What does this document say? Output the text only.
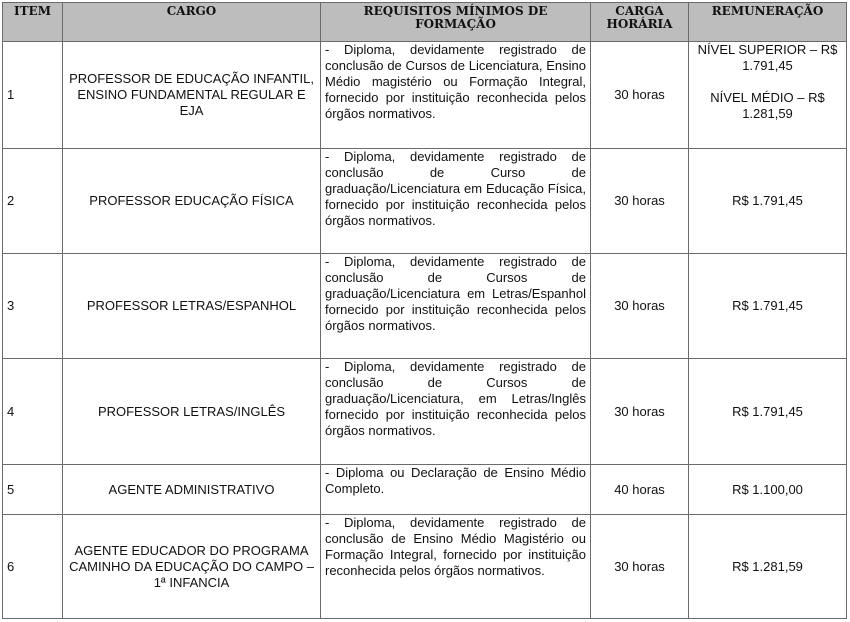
ITEM	CARGO	REQUISITOS MÍNIMOS DE FORMAÇÃO	CARGA HORÁRIA	REMUNERAÇÃO
1	PROFESSOR DE EDUCAÇÃO INFANTIL, ENSINO FUNDAMENTAL REGULAR E EJA	- Diploma, devidamente registrado de conclusão de Cursos de Licenciatura, Ensino Médio magistério ou Formação Integral, fornecido por instituição reconhecida pelos órgãos normativos.	30 horas	NÍVEL SUPERIOR – R$ 1.791,45
NÍVEL MÉDIO – R$ 1.281,59

2	PROFESSOR EDUCAÇÃO FÍSICA	- Diploma, devidamente registrado de conclusão de Curso de graduação/Licenciatura em Educação Física, fornecido por instituição reconhecida pelos órgãos normativos.	30 horas	R$ 1.791,45
3	PROFESSOR LETRAS/ESPANHOL	- Diploma, devidamente registrado de conclusão de Cursos de graduação/Licenciatura em Letras/Espanhol fornecido por instituição reconhecida pelos órgãos normativos.	30 horas	R$ 1.791,45
4	PROFESSOR LETRAS/INGLÊS	- Diploma, devidamente registrado de conclusão de Cursos de graduação/Licenciatura, em Letras/Inglês fornecido por instituição reconhecida pelos órgãos normativos.	30 horas	R$ 1.791,45
5	AGENTE ADMINISTRATIVO	- Diploma ou Declaração de Ensino Médio Completo.	40 horas	R$ 1.100,00
6	AGENTE EDUCADOR DO PROGRAMA CAMINHO DA EDUCAÇÃO DO CAMPO – 1ª INFANCIA	- Diploma, devidamente registrado de conclusão de Ensino Médio Magistério ou Formação Integral, fornecido por instituição reconhecida pelos órgãos normativos.	30 horas	R$ 1.281,59
